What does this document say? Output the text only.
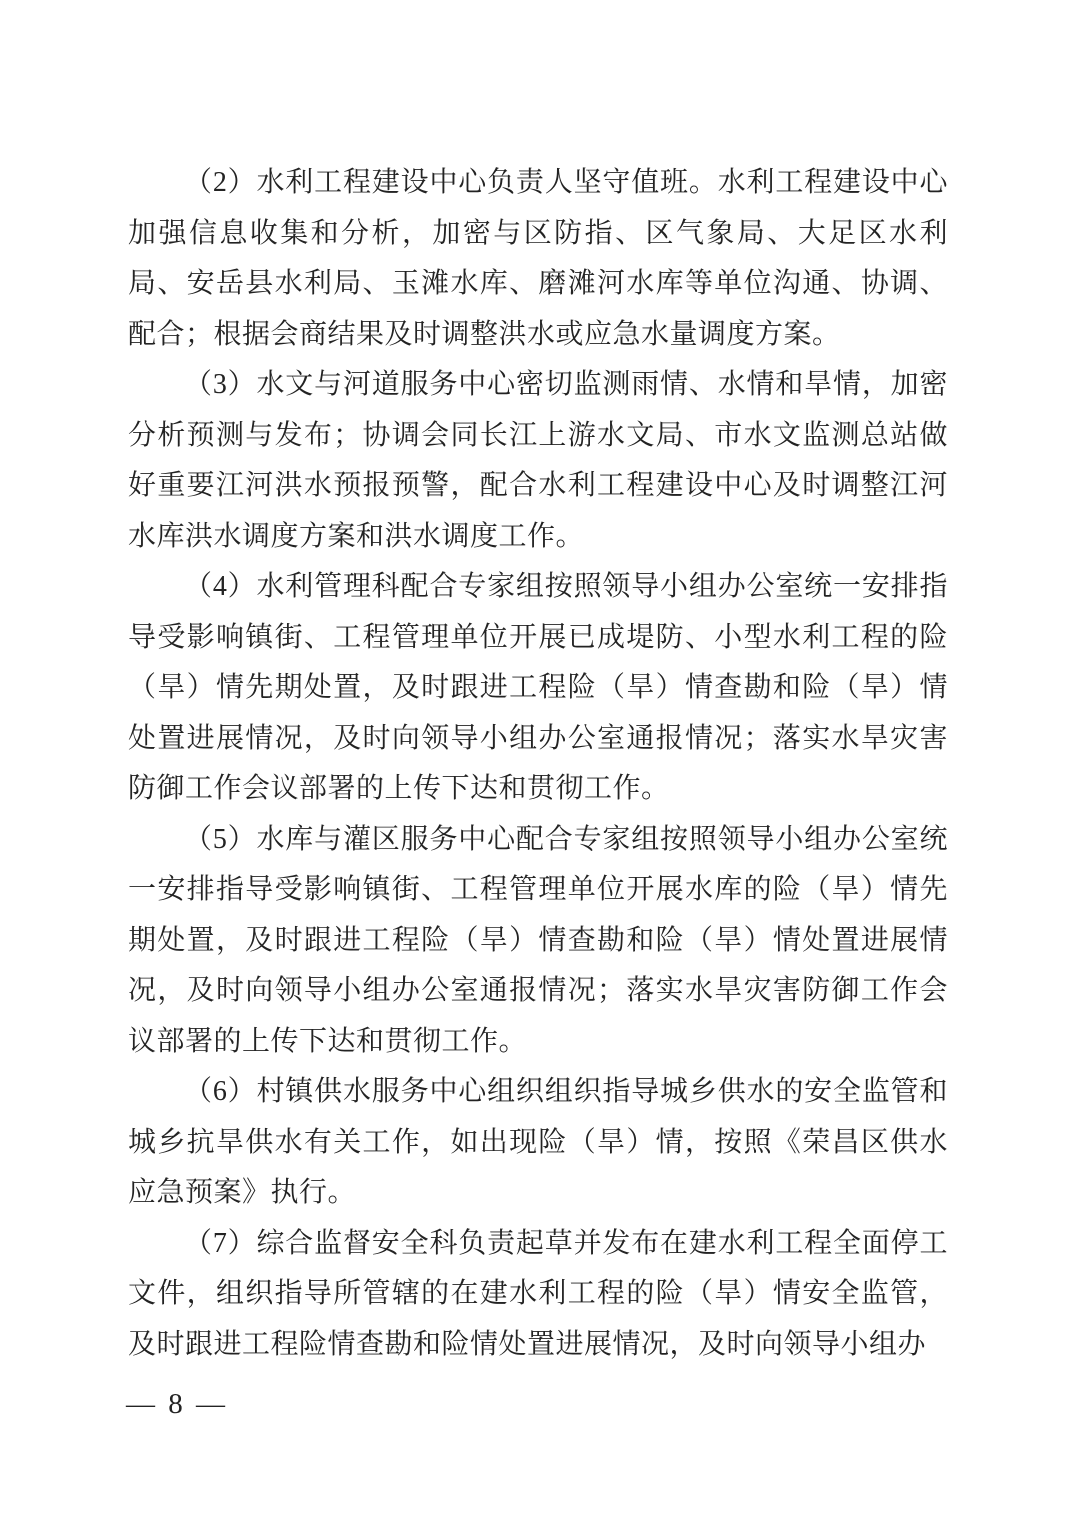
（2）水利工程建设中心负责人坚守值班。水利工程建设中心加强信息收集和分析，加密与区防指、区气象局、大足区水利局、安岳县水利局、玉滩水库、磨滩河水库等单位沟通、协调、配合；根据会商结果及时调整洪水或应急水量调度方案。

（3）水文与河道服务中心密切监测雨情、水情和旱情，加密分析预测与发布；协调会同长江上游水文局、市水文监测总站做好重要江河洪水预报预警，配合水利工程建设中心及时调整江河水库洪水调度方案和洪水调度工作。

（4）水利管理科配合专家组按照领导小组办公室统一安排指导受影响镇街、工程管理单位开展已成堤防、小型水利工程的险（旱）情先期处置，及时跟进工程险（旱）情查勘和险（旱）情处置进展情况，及时向领导小组办公室通报情况；落实水旱灾害防御工作会议部署的上传下达和贯彻工作。

（5）水库与灌区服务中心配合专家组按照领导小组办公室统一安排指导受影响镇街、工程管理单位开展水库的险（旱）情先期处置，及时跟进工程险（旱）情查勘和险（旱）情处置进展情况，及时向领导小组办公室通报情况；落实水旱灾害防御工作会议部署的上传下达和贯彻工作。

（6）村镇供水服务中心组织组织指导城乡供水的安全监管和城乡抗旱供水有关工作，如出现险（旱）情，按照《荣昌区供水应急预案》执行。

（7）综合监督安全科负责起草并发布在建水利工程全面停工文件，组织指导所管辖的在建水利工程的险（旱）情安全监管，及时跟进工程险情查勘和险情处置进展情况，及时向领导小组办

— 8 —
